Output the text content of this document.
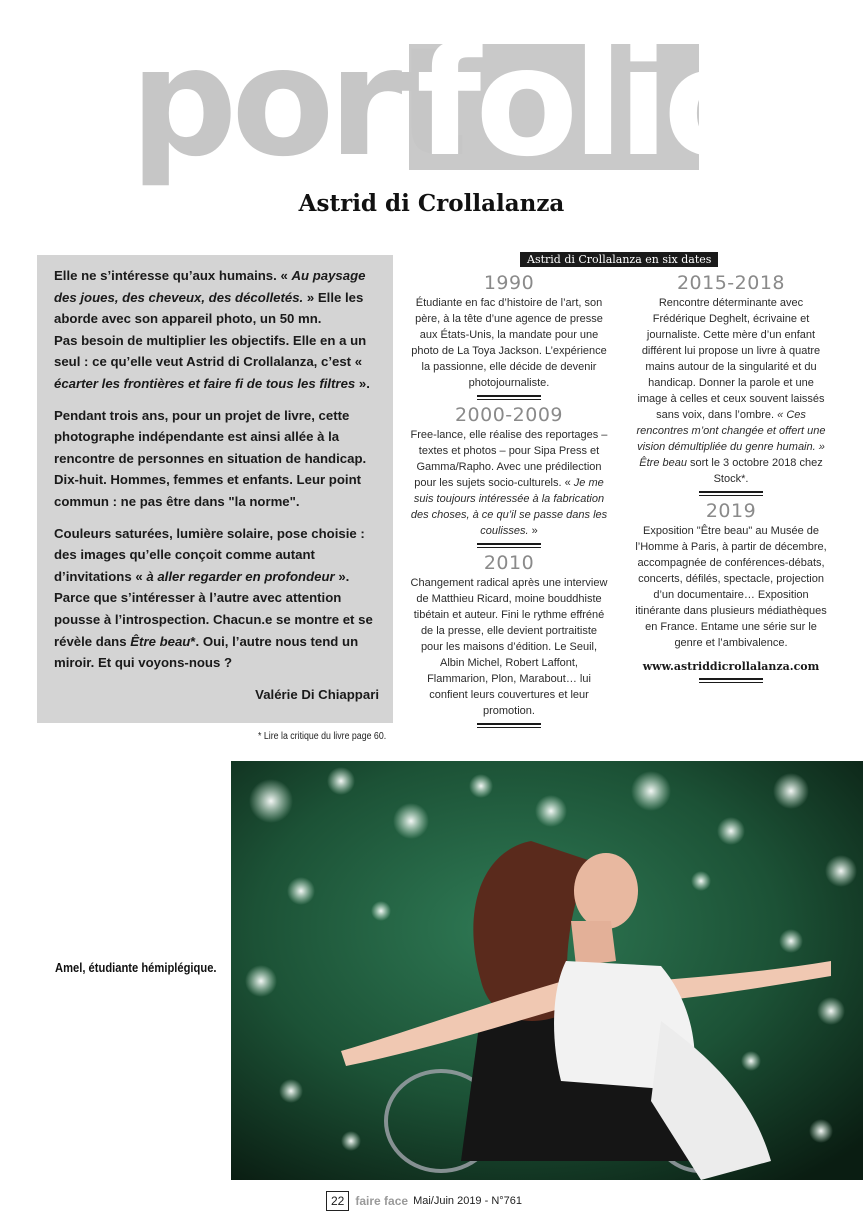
port
folio
Astrid di Crollalanza

Elle ne s’intéresse qu’aux humains. « Au paysage des joues, des cheveux, des décolletés. » Elle les aborde avec son appareil photo, un 50 mn.
Pas besoin de multiplier les objectifs. Elle en a un seul : ce qu’elle veut Astrid di Crollalanza, c’est « écarter les frontières et faire fi de tous les filtres ».

Pendant trois ans, pour un projet de livre, cette photographe indépendante est ainsi allée à la rencontre de personnes en situation de handicap. Dix-huit. Hommes, femmes et enfants. Leur point commun : ne pas être dans "la norme".

Couleurs saturées, lumière solaire, pose choisie : des images qu’elle conçoit comme autant d’invitations « à aller regarder en profondeur ». Parce que s’intéresser à l’autre avec attention pousse à l’introspection. Chacun.e se montre et se révèle dans Être beau*. Oui, l’autre nous tend un miroir. Et qui voyons-nous ?

Valérie Di Chiappari
* Lire la critique du livre page 60.
Astrid di Crollalanza en six dates
1990

Étudiante en fac d’histoire de l’art, son père, à la tête d’une agence de presse aux États-Unis, la mandate pour une photo de La Toya Jackson. L’expérience la passionne, elle décide de devenir photojournaliste.

2000-2009

Free-lance, elle réalise des reportages – textes et photos – pour Sipa Press et Gamma/Rapho. Avec une prédilection pour les sujets socio-culturels. « Je me suis toujours intéressée à la fabrication des choses, à ce qu’il se passe dans les coulisses. »

2010

Changement radical après une interview de Matthieu Ricard, moine bouddhiste tibétain et auteur. Fini le rythme effréné de la presse, elle devient portraitiste pour les maisons d’édition. Le Seuil, Albin Michel, Robert Laffont, Flammarion, Plon, Marabout… lui confient leurs couvertures et leur promotion.

2015-2018

Rencontre déterminante avec Frédérique Deghelt, écrivaine et journaliste. Cette mère d’un enfant différent lui propose un livre à quatre mains autour de la singularité et du handicap. Donner la parole et une image à celles et ceux souvent laissés sans voix, dans l’ombre. « Ces rencontres m’ont changée et offert une vision démultipliée du genre humain. » Être beau sort le 3 octobre 2018 chez Stock*.

2019

Exposition "Être beau" au Musée de l’Homme à Paris, à partir de décembre, accompagnée de conférences-débats, concerts, défilés, spectacle, projection d’un documentaire… Exposition itinérante dans plusieurs médiathèques en France. Entame une série sur le genre et l’ambivalence.

www.astriddicrollalanza.com
Amel, étudiante hémiplégique.
22 faire face Mai/Juin 2019 - N°761
